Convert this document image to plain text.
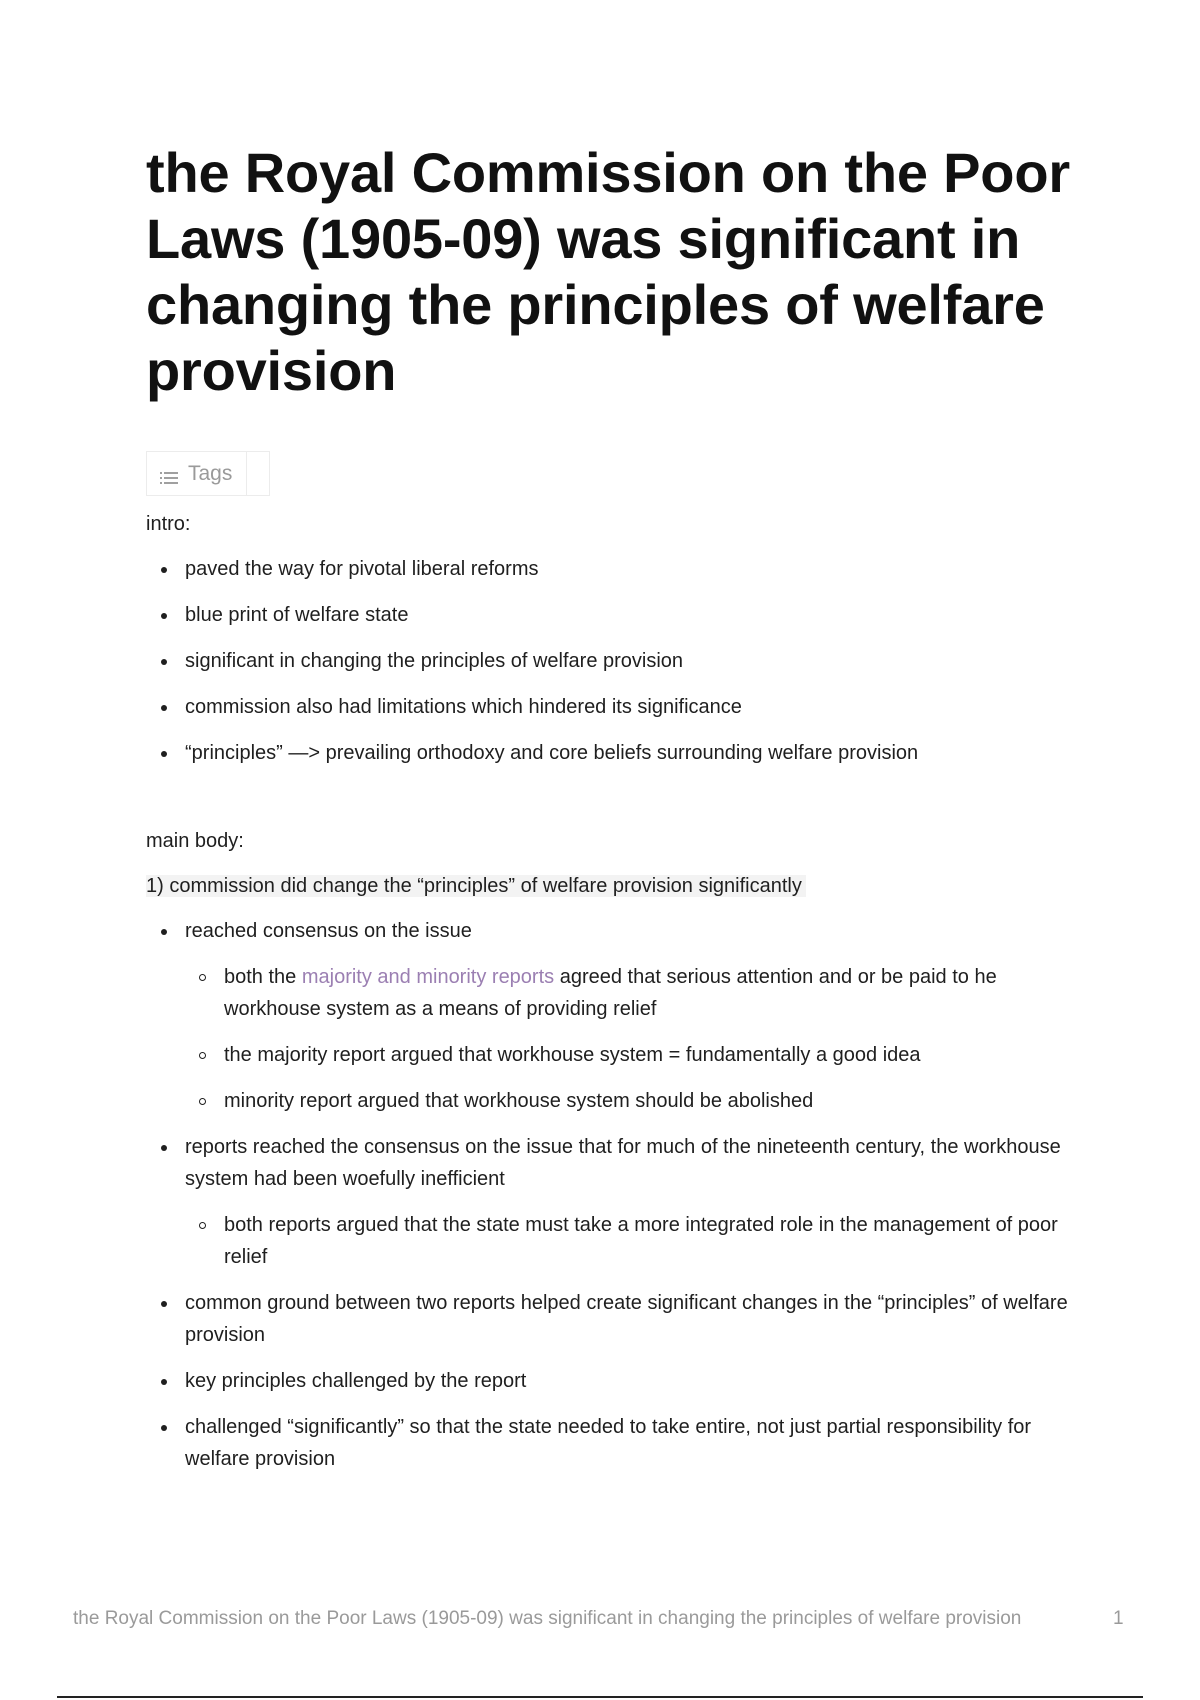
the Royal Commission on the Poor Laws (1905-09) was significant in changing the principles of welfare provision
Tags

intro:

paved the way for pivotal liberal reforms
blue print of welfare state
significant in changing the principles of welfare provision
commission also had limitations which hindered its significance
“principles” —> prevailing orthodoxy and core beliefs surrounding welfare provision

main body:

1) commission did change the “principles” of welfare provision significantly

reached consensus on the issue
both the majority and minority reports agreed that serious attention and or be paid to he workhouse system as a means of providing relief
the majority report argued that workhouse system = fundamentally a good idea
minority report argued that workhouse system should be abolished
reports reached the consensus on the issue that for much of the nineteenth century, the workhouse system had been woefully inefficient
both reports argued that the state must take a more integrated role in the management of poor relief
common ground between two reports helped create significant changes in the “principles” of welfare provision
key principles challenged by the report
challenged “significantly” so that the state needed to take entire, not just partial responsibility for welfare provision
the Royal Commission on the Poor Laws (1905-09) was significant in changing the principles of welfare provision	1
